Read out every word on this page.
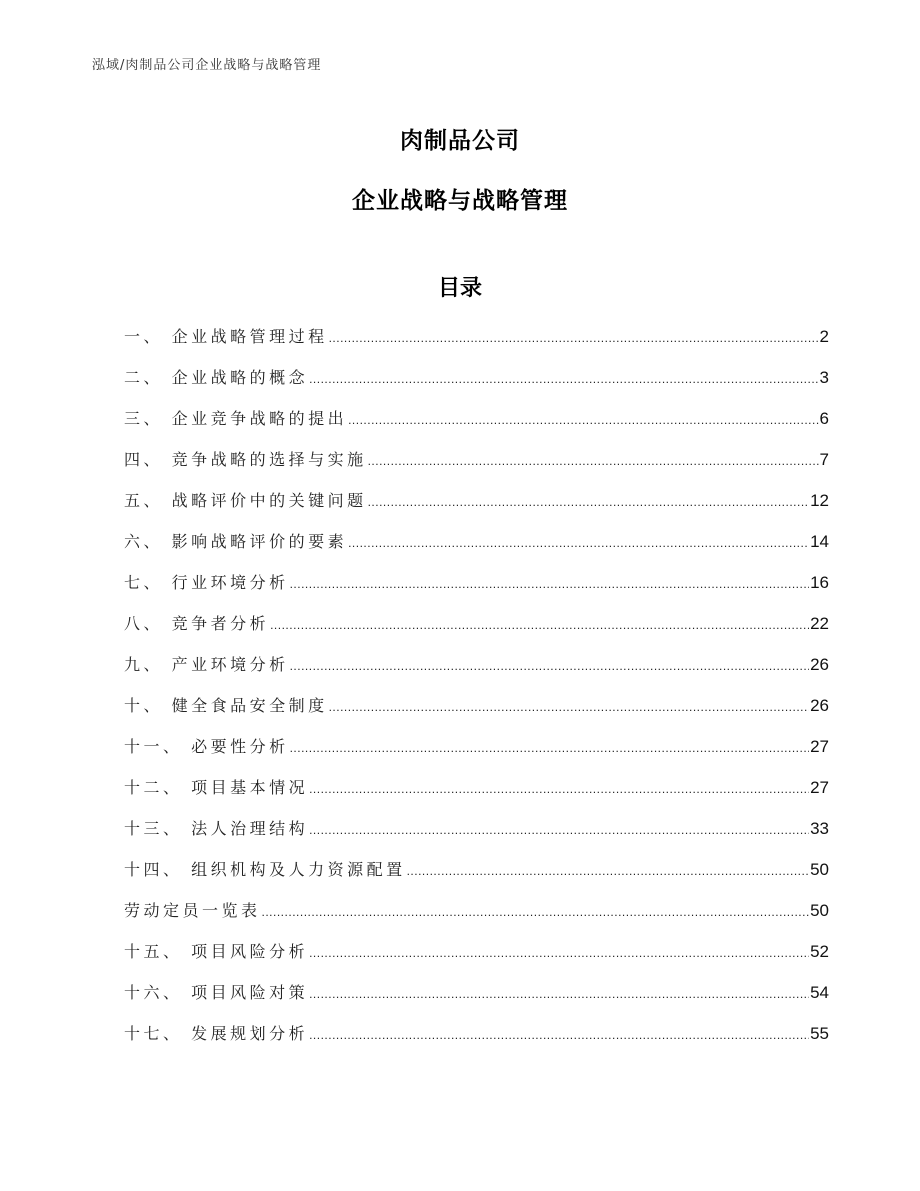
泓域/肉制品公司企业战略与战略管理
肉制品公司
企业战略与战略管理
目录
一、 企业战略管理过程 .....	2
二、 企业战略的概念 .....	3
三、 企业竞争战略的提出 .....	6
四、 竞争战略的选择与实施 .....	7
五、 战略评价中的关键问题 .....	12
六、 影响战略评价的要素 .....	14
七、 行业环境分析 .....	16
八、 竞争者分析 .....	22
九、 产业环境分析 .....	26
十、 健全食品安全制度 .....	26
十一、 必要性分析 .....	27
十二、 项目基本情况 .....	27
十三、 法人治理结构 .....	33
十四、 组织机构及人力资源配置 .....	50
劳动定员一览表 .....	50
十五、 项目风险分析 .....	52
十六、 项目风险对策 .....	54
十七、 发展规划分析 .....	55
